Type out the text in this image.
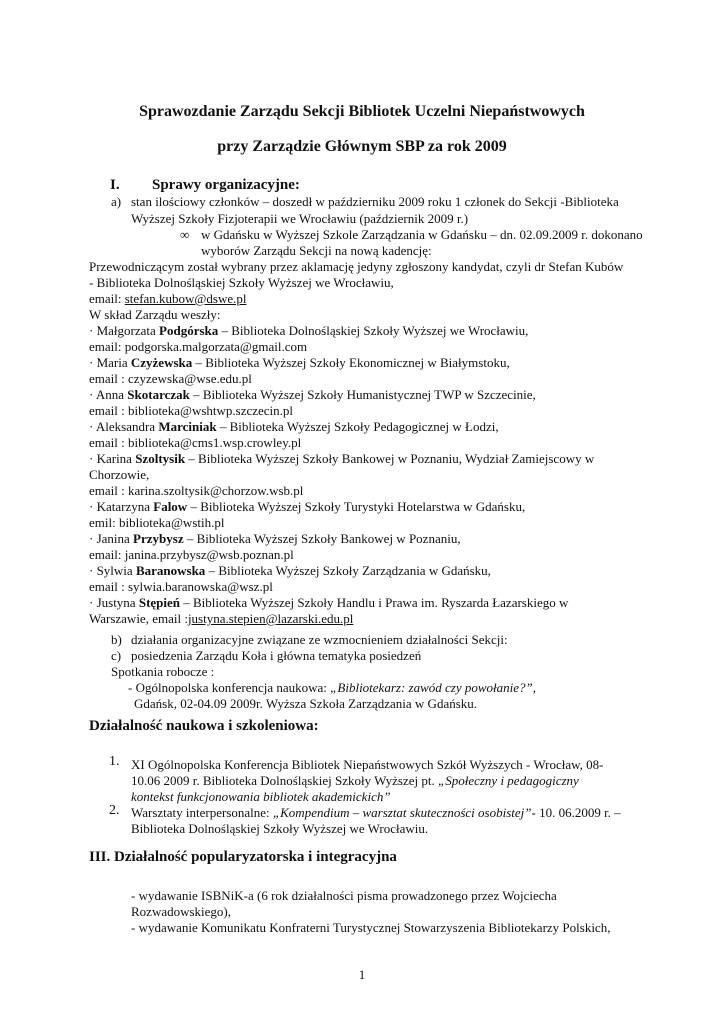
Sprawozdanie Zarządu Sekcji Bibliotek Uczelni Niepaństwowych
przy Zarządzie Głównym SBP za rok 2009
I. Sprawy organizacyjne:
a) stan ilościowy członków – doszedł w październiku 2009 roku 1 członek do Sekcji -Biblioteka
Wyższej Szkoły Fizjoterapii we Wrocławiu (październik 2009 r.)
∞ w Gdańsku w Wyższej Szkole Zarządzania w Gdańsku – dn. 02.09.2009 r. dokonano
wyborów Zarządu Sekcji na nową kadencję:
Przewodniczącym został wybrany przez aklamację jedyny zgłoszony kandydat, czyli dr Stefan Kubów
- Biblioteka Dolnośląskiej Szkoły Wyższej we Wrocławiu,
email: stefan.kubow@dswe.pl
W skład Zarządu weszły:
· Małgorzata Podgórska – Biblioteka Dolnośląskiej Szkoły Wyższej we Wrocławiu,
email: podgorska.malgorzata@gmail.com
· Maria Czyżewska – Biblioteka Wyższej Szkoły Ekonomicznej w Białymstoku,
email : czyzewska@wse.edu.pl
· Anna Skotarczak – Biblioteka Wyższej Szkoły Humanistycznej TWP w Szczecinie,
email : biblioteka@wshtwp.szczecin.pl
· Aleksandra Marciniak – Biblioteka Wyższej Szkoły Pedagogicznej w Łodzi,
email : biblioteka@cms1.wsp.crowley.pl
· Karina Szoltysik – Biblioteka Wyższej Szkoły Bankowej w Poznaniu, Wydział Zamiejscowy w
Chorzowie,
email : karina.szoltysik@chorzow.wsb.pl
· Katarzyna Falow – Biblioteka Wyższej Szkoły Turystyki Hotelarstwa w Gdańsku,
emil: biblioteka@wstih.pl
· Janina Przybysz – Biblioteka Wyższej Szkoły Bankowej w Poznaniu,
email: janina.przybysz@wsb.poznan.pl
· Sylwia Baranowska – Biblioteka Wyższej Szkoły Zarządzania w Gdańsku,
email : sylwia.baranowska@wsz.pl
· Justyna Stępień – Biblioteka Wyższej Szkoły Handlu i Prawa im. Ryszarda Łazarskiego w
Warszawie, email :justyna.stepien@lazarski.edu.pl
b) działania organizacyjne związane ze wzmocnieniem działalności Sekcji:
c) posiedzenia Zarządu Koła i główna tematyka posiedzeń
Spotkania robocze :
- Ogólnopolska konferencja naukowa: „Bibliotekarz: zawód czy powołanie?”,
Gdańsk, 02-04.09 2009r. Wyższa Szkoła Zarządzania w Gdańsku.
Działalność naukowa i szkoleniowa:
1. XI Ogólnopolska Konferencja Bibliotek Niepaństwowych Szkół Wyższych - Wrocław, 08-
10.06 2009 r. Biblioteka Dolnośląskiej Szkoły Wyższej pt. „Społeczny i pedagogiczny
kontekst funkcjonowania bibliotek akademickich”
2. Warsztaty interpersonalne: „Kompendium – warsztat skuteczności osobistej”- 10. 06.2009 r. –
Biblioteka Dolnośląskiej Szkoły Wyższej we Wrocławiu.
III. Działalność popularyzatorska i integracyjna
- wydawanie ISBNiK-a (6 rok działalności pisma prowadzonego przez Wojciecha
Rozwadowskiego),
- wydawanie Komunikatu Konfraterni Turystycznej Stowarzyszenia Bibliotekarzy Polskich,
1
